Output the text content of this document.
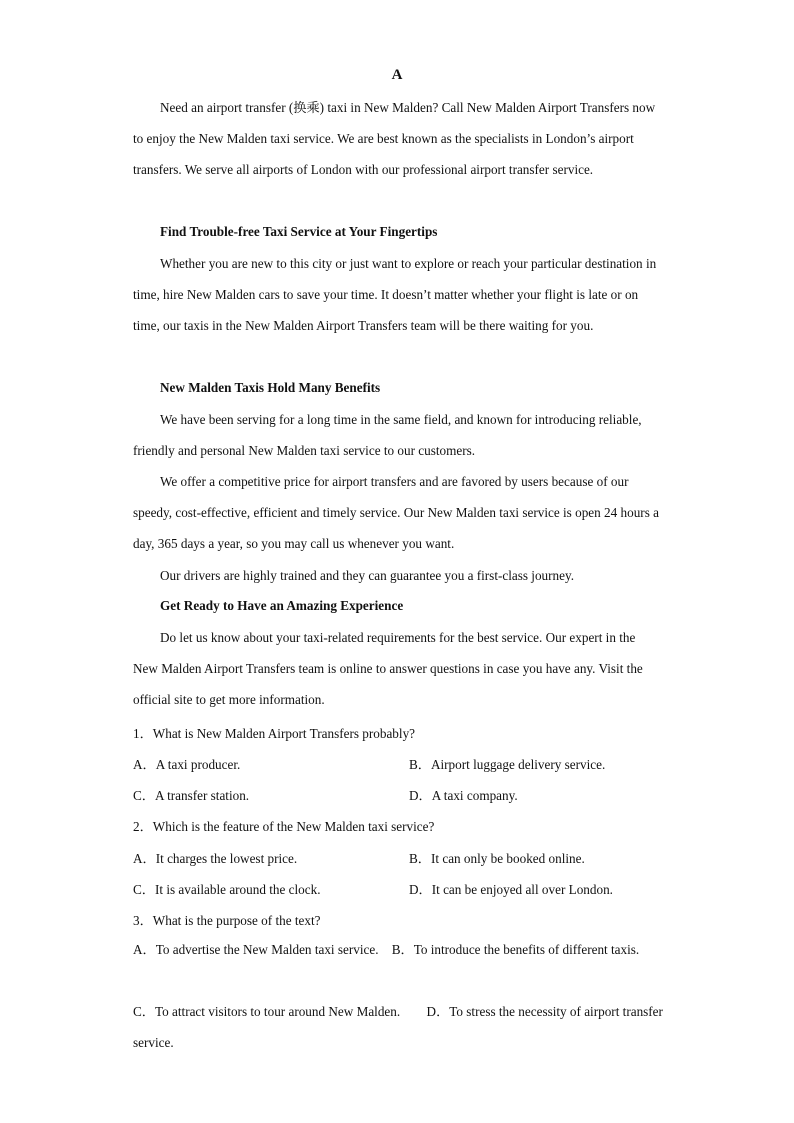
A

Need an airport transfer (换乘) taxi in New Malden? Call New Malden Airport Transfers now to enjoy the New Malden taxi service. We are best known as the specialists in London’s airport transfers. We serve all airports of London with our professional airport transfer service.

Find Trouble-free Taxi Service at Your Fingertips

Whether you are new to this city or just want to explore or reach your particular destination in time, hire New Malden cars to save your time. It doesn’t matter whether your flight is late or on time, our taxis in the New Malden Airport Transfers team will be there waiting for you.

New Malden Taxis Hold Many Benefits

We have been serving for a long time in the same field, and known for introducing reliable, friendly and personal New Malden taxi service to our customers.

We offer a competitive price for airport transfers and are favored by users because of our speedy, cost-effective, efficient and timely service. Our New Malden taxi service is open 24 hours a day, 365 days a year, so you may call us whenever you want.

Our drivers are highly trained and they can guarantee you a first-class journey.

Get Ready to Have an Amazing Experience

Do let us know about your taxi-related requirements for the best service. Our expert in the New Malden Airport Transfers team is online to answer questions in case you have any. Visit the official site to get more information.

1．What is New Malden Airport Transfers probably?

A．A taxi producer.	B．Airport luggage delivery service.

C．A transfer station.	D．A taxi company.

2．Which is the feature of the New Malden taxi service?

A．It charges the lowest price.	B．It can only be booked online.

C．It is available around the clock.	D．It can be enjoyed all over London.

3．What is the purpose of the text?

A．To advertise the New Malden taxi service.    B．To introduce the benefits of different taxis.

C．To attract visitors to tour around New Malden.        D．To stress the necessity of airport transfer service.
